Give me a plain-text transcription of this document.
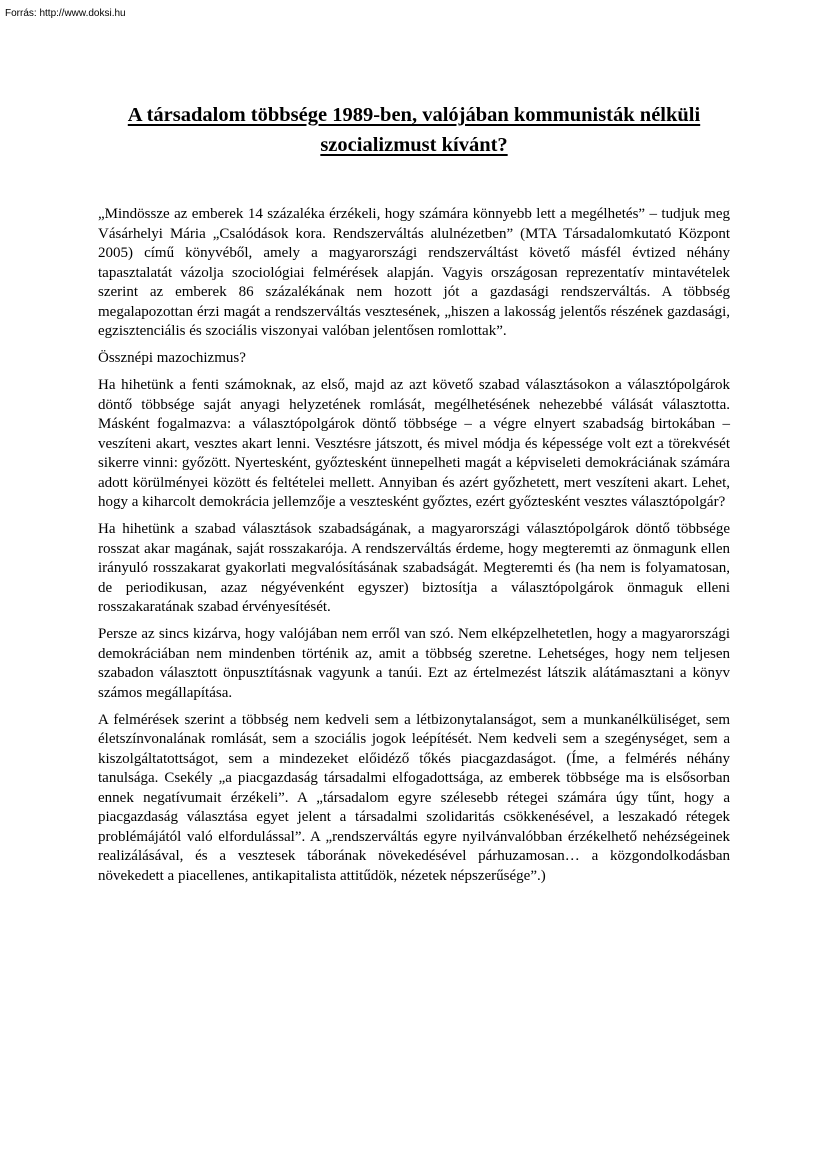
Forrás: http://www.doksi.hu
A társadalom többsége 1989-ben, valójában kommunisták nélküli szocializmust kívánt?

„Mindössze az emberek 14 százaléka érzékeli, hogy számára könnyebb lett a megélhetés” – tudjuk meg Vásárhelyi Mária „Csalódások kora. Rendszerváltás alulnézetben” (MTA Társadalomkutató Központ 2005) című könyvéből, amely a magyarországi rendszerváltást követő másfél évtized néhány tapasztalatát vázolja szociológiai felmérések alapján. Vagyis országosan reprezentatív mintavételek szerint az emberek 86 százalékának nem hozott jót a gazdasági rendszerváltás. A többség megalapozottan érzi magát a rendszerváltás vesztesének, „hiszen a lakosság jelentős részének gazdasági, egzisztenciális és szociális viszonyai valóban jelentősen romlottak”.

Össznépi mazochizmus?

Ha hihetünk a fenti számoknak, az első, majd az azt követő szabad választásokon a választópolgárok döntő többsége saját anyagi helyzetének romlását, megélhetésének nehezebbé válását választotta. Másként fogalmazva: a választópolgárok döntő többsége – a végre elnyert szabadság birtokában – veszíteni akart, vesztes akart lenni. Vesztésre játszott, és mivel módja és képessége volt ezt a törekvését sikerre vinni: győzött. Nyertesként, győztesként ünnepelheti magát a képviseleti demokráciának számára adott körülményei között és feltételei mellett. Annyiban és azért győzhetett, mert veszíteni akart. Lehet, hogy a kiharcolt demokrácia jellemzője a vesztesként győztes, ezért győztesként vesztes választópolgár?

Ha hihetünk a szabad választások szabadságának, a magyarországi választópolgárok döntő többsége rosszat akar magának, saját rosszakarója. A rendszerváltás érdeme, hogy megteremti az önmagunk ellen irányuló rosszakarat gyakorlati megvalósításának szabadságát. Megteremti és (ha nem is folyamatosan, de periodikusan, azaz négyévenként egyszer) biztosítja a választópolgárok önmaguk elleni rosszakaratának szabad érvényesítését.

Persze az sincs kizárva, hogy valójában nem erről van szó. Nem elképzelhetetlen, hogy a magyarországi demokráciában nem mindenben történik az, amit a többség szeretne. Lehetséges, hogy nem teljesen szabadon választott önpusztításnak vagyunk a tanúi. Ezt az értelmezést látszik alátámasztani a könyv számos megállapítása.

A felmérések szerint a többség nem kedveli sem a létbizonytalanságot, sem a munkanélküliséget, sem életszínvonalának romlását, sem a szociális jogok leépítését. Nem kedveli sem a szegénységet, sem a kiszolgáltatottságot, sem a mindezeket előidéző tőkés piacgazdaságot. (Íme, a felmérés néhány tanulsága. Csekély „a piacgazdaság társadalmi elfogadottsága, az emberek többsége ma is elsősorban ennek negatívumait érzékeli”. A „társadalom egyre szélesebb rétegei számára úgy tűnt, hogy a piacgazdaság választása egyet jelent a társadalmi szolidaritás csökkenésével, a leszakadó rétegek problémájától való elfordulással”. A „rendszerváltás egyre nyilvánvalóbban érzékelhető nehézségeinek realizálásával, és a vesztesek táborának növekedésével párhuzamosan… a közgondolkodásban növekedett a piacellenes, antikapitalista attitűdök, nézetek népszerűsége”.)
